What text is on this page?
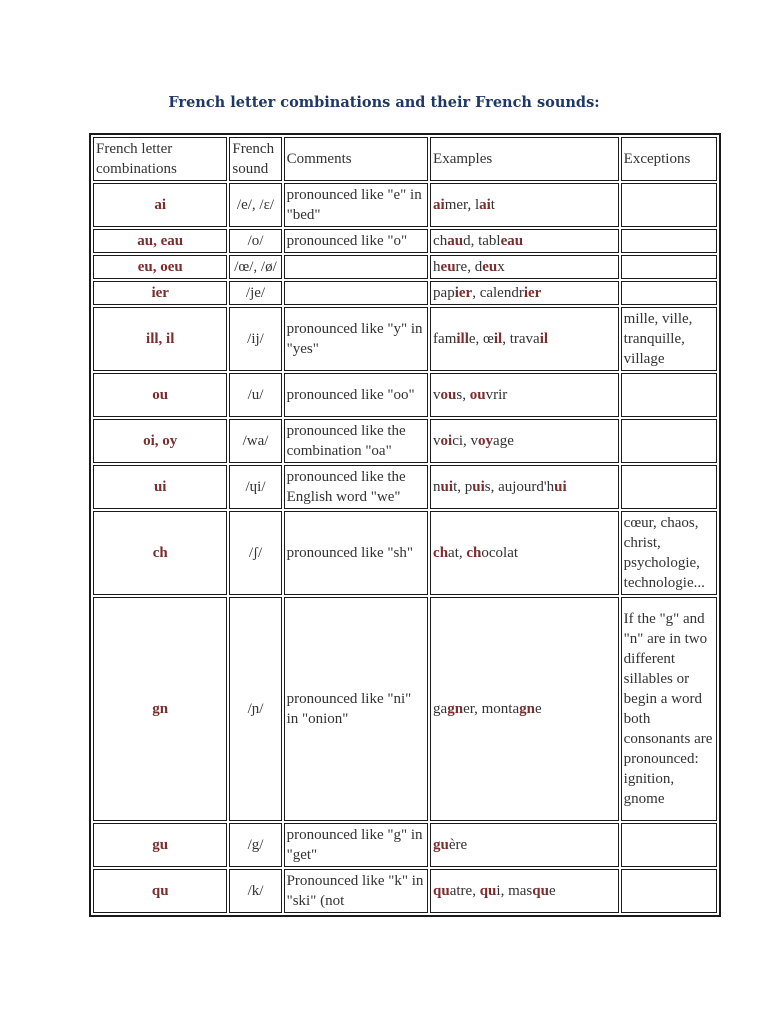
French letter combinations and their French sounds:
French letter combinations	French sound	Comments	Examples	Exceptions
ai	/e/, /ɛ/	pronounced like "e" in "bed"	aimer, lait	
au, eau	/o/	pronounced like "o"	chaud, tableau	
eu, oeu	/œ/, /ø/		heure, deux	
ier	/je/		papier, calendrier	
ill, il	/ij/	pronounced like "y" in "yes"	famille, œil, travail	mille, ville, tranquille, village
ou	/u/	pronounced like "oo"	vous, ouvrir	
oi, oy	/wa/	pronounced like the combination "oa"	voici, voyage	
ui	/ɥi/	pronounced like the English word "we"	nuit, puis, aujourd'hui	
ch	/ʃ/	pronounced like "sh"	chat, chocolat	cœur, chaos, christ, psychologie, technologie...
gn	/ɲ/	pronounced like "ni" in "onion"	gagner, montagne	If the "g" and "n" are in two different sillables or begin a word both consonants are pronounced: ignition, gnome
gu	/g/	pronounced like "g" in "get"	guère	
qu	/k/	Pronounced like "k" in "ski" (not	quatre, qui, masque	
